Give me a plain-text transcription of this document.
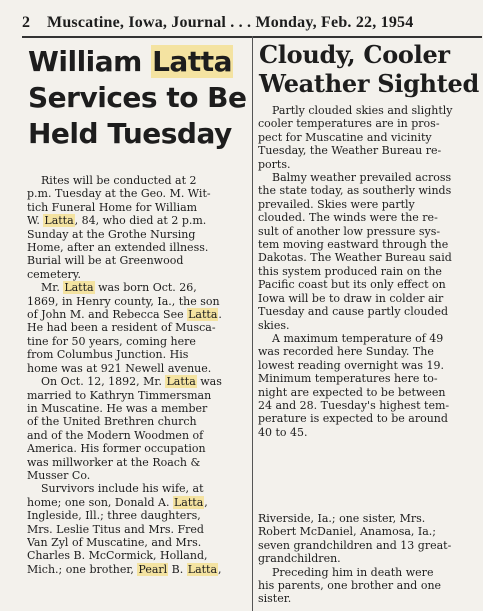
2 Muscatine, Iowa, Journal . . . Monday, Feb. 22, 1954
William Latta
Services to Be
Held Tuesday
Cloudy, Cooler
Weather Sighted

Rites will be conducted at 2
p.m. Tuesday at the Geo. M. Wit-
tich Funeral Home for William
W. Latta, 84, who died at 2 p.m.
Sunday at the Grothe Nursing
Home, after an extended illness.
Burial will be at Greenwood
cemetery.

Mr. Latta was born Oct. 26,
1869, in Henry county, Ia., the son
of John M. and Rebecca See Latta.
He had been a resident of Musca-
tine for 50 years, coming here
from Columbus Junction. His
home was at 921 Newell avenue.

On Oct. 12, 1892, Mr. Latta was
married to Kathryn Timmersman
in Muscatine. He was a member
of the United Brethren church
and of the Modern Woodmen of
America. His former occupation
was millworker at the Roach &
Musser Co.

Survivors include his wife, at
home; one son, Donald A. Latta,
Ingleside, Ill.; three daughters,
Mrs. Leslie Titus and Mrs. Fred
Van Zyl of Muscatine, and Mrs.
Charles B. McCormick, Holland,
Mich.; one brother, Pearl B. Latta,

Partly clouded skies and slightly
cooler temperatures are in pros-
pect for Muscatine and vicinity
Tuesday, the Weather Bureau re-
ports.

Balmy weather prevailed across
the state today, as southerly winds
prevailed. Skies were partly
clouded. The winds were the re-
sult of another low pressure sys-
tem moving eastward through the
Dakotas. The Weather Bureau said
this system produced rain on the
Pacific coast but its only effect on
Iowa will be to draw in colder air
Tuesday and cause partly clouded
skies.

A maximum temperature of 49
was recorded here Sunday. The
lowest reading overnight was 19.
Minimum temperatures here to-
night are expected to be between
24 and 28. Tuesday's highest tem-
perature is expected to be around
40 to 45.

Riverside, Ia.; one sister, Mrs.
Robert McDaniel, Anamosa, Ia.;
seven grandchildren and 13 great-
grandchildren.
Preceding him in death were
his parents, one brother and one
sister.
